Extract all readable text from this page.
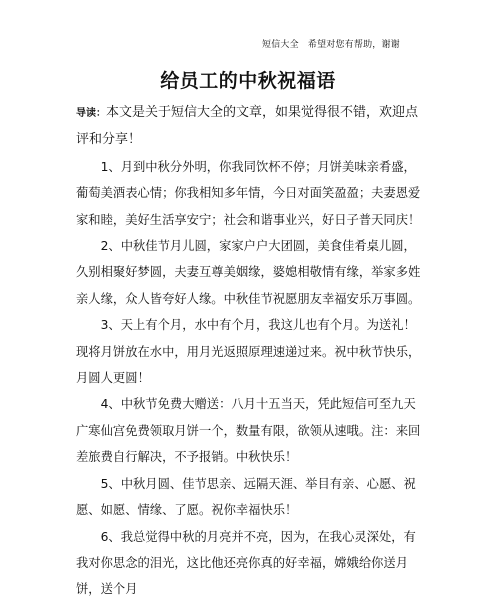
短信大全 希望对您有帮助，谢谢
给员工的中秋祝福语

导读：本文是关于短信大全的文章，如果觉得很不错，欢迎点评和分享！

1、月到中秋分外明，你我同饮杯不停；月饼美味亲肴盛，葡萄美酒表心情；你我相知多年情，今日对面笑盈盈；夫妻恩爱家和睦，美好生活享安宁；社会和谐事业兴，好日子普天同庆！

2、中秋佳节月儿圆，家家户户大团圆，美食佳肴桌儿圆，久别相聚好梦圆，夫妻互尊美姻缘，婆媳相敬情有缘，举家多姓亲人缘，众人皆夸好人缘。中秋佳节祝愿朋友幸福安乐万事圆。

3、天上有个月，水中有个月，我这儿也有个月。为送礼！现将月饼放在水中，用月光返照原理速递过来。祝中秋节快乐，月圆人更圆！

4、中秋节免费大赠送：八月十五当天，凭此短信可至九天广寒仙宫免费领取月饼一个，数量有限，欲领从速哦。注：来回差旅费自行解决，不予报销。中秋快乐！

5、中秋月圆、佳节思亲、远隔天涯、举目有亲、心愿、祝愿、如愿、情缘、了愿。祝你幸福快乐！

6、我总觉得中秋的月亮并不亮，因为，在我心灵深处，有我对你思念的泪光，这比他还亮你真的好幸福，嫦娥给你送月饼，送个月
